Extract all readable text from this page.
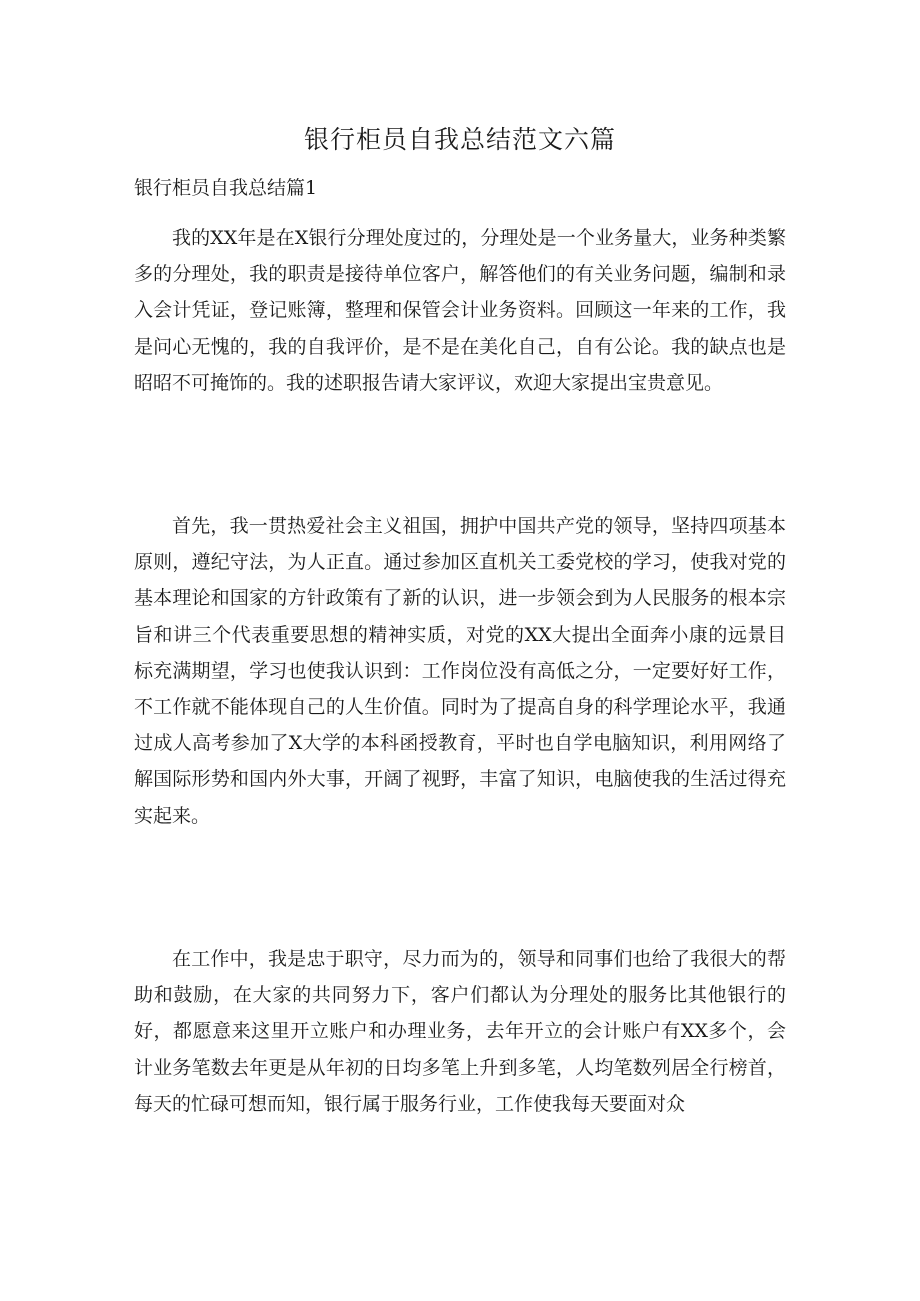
银行柜员自我总结范文六篇
银行柜员自我总结篇1

我的XX年是在X银行分理处度过的，分理处是一个业务量大，业务种类繁多的分理处，我的职责是接待单位客户，解答他们的有关业务问题，编制和录入会计凭证，登记账簿，整理和保管会计业务资料。回顾这一年来的工作，我是问心无愧的，我的自我评价，是不是在美化自己，自有公论。我的缺点也是昭昭不可掩饰的。我的述职报告请大家评议，欢迎大家提出宝贵意见。

首先，我一贯热爱社会主义祖国，拥护中国共产党的领导，坚持四项基本原则，遵纪守法，为人正直。通过参加区直机关工委党校的学习，使我对党的基本理论和国家的方针政策有了新的认识，进一步领会到为人民服务的根本宗旨和讲三个代表重要思想的精神实质，对党的XX大提出全面奔小康的远景目标充满期望，学习也使我认识到：工作岗位没有高低之分，一定要好好工作，不工作就不能体现自己的人生价值。同时为了提高自身的科学理论水平，我通过成人高考参加了X大学的本科函授教育，平时也自学电脑知识，利用网络了解国际形势和国内外大事，开阔了视野，丰富了知识，电脑使我的生活过得充实起来。

在工作中，我是忠于职守，尽力而为的，领导和同事们也给了我很大的帮助和鼓励，在大家的共同努力下，客户们都认为分理处的服务比其他银行的好，都愿意来这里开立账户和办理业务，去年开立的会计账户有XX多个，会计业务笔数去年更是从年初的日均多笔上升到多笔，人均笔数列居全行榜首，每天的忙碌可想而知，银行属于服务行业，工作使我每天要面对众
